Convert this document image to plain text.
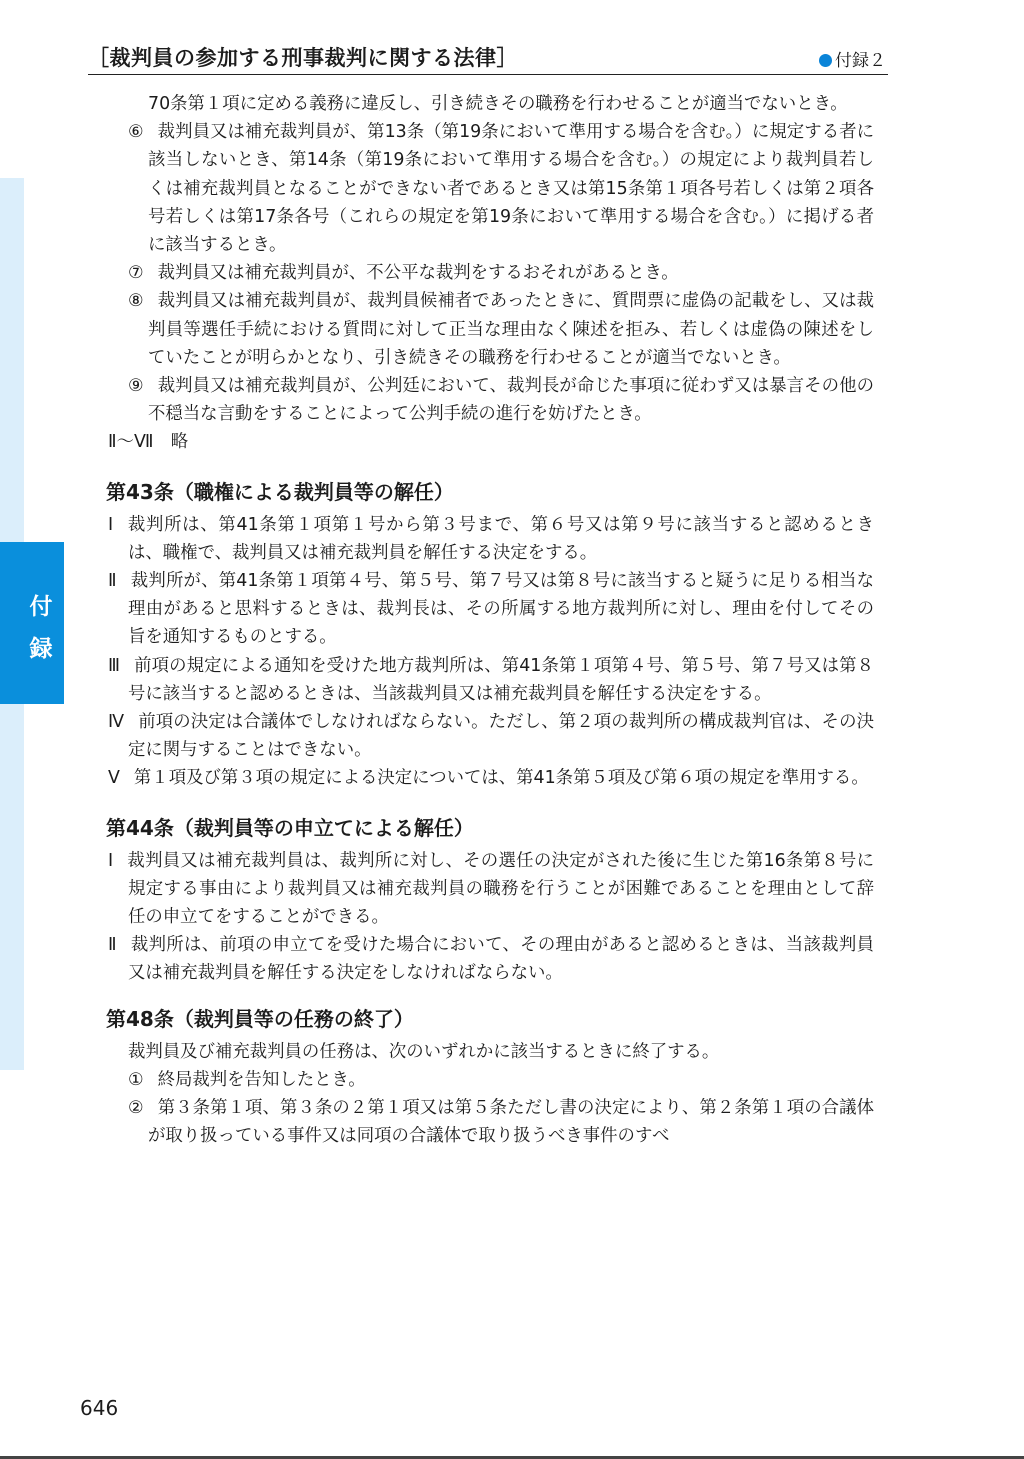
［裁判員の参加する刑事裁判に関する法律］	付録２
付
録

70条第１項に定める義務に違反し、引き続きその職務を行わせることが適当でないとき。

⑥ 裁判員又は補充裁判員が、第13条（第19条において準用する場合を含む。）に規定する者に該当しないとき、第14条（第19条において準用する場合を含む。）の規定により裁判員若しくは補充裁判員となることができない者であるとき又は第15条第１項各号若しくは第２項各号若しくは第17条各号（これらの規定を第19条において準用する場合を含む。）に掲げる者に該当するとき。

⑦ 裁判員又は補充裁判員が、不公平な裁判をするおそれがあるとき。

⑧ 裁判員又は補充裁判員が、裁判員候補者であったときに、質問票に虚偽の記載をし、又は裁判員等選任手続における質問に対して正当な理由なく陳述を拒み、若しくは虚偽の陳述をしていたことが明らかとなり、引き続きその職務を行わせることが適当でないとき。

⑨ 裁判員又は補充裁判員が、公判廷において、裁判長が命じた事項に従わず又は暴言その他の不穏当な言動をすることによって公判手続の進行を妨げたとき。

Ⅱ～Ⅶ　略

第43条（職権による裁判員等の解任）

Ⅰ 裁判所は、第41条第１項第１号から第３号まで、第６号又は第９号に該当すると認めるときは、職権で、裁判員又は補充裁判員を解任する決定をする。

Ⅱ 裁判所が、第41条第１項第４号、第５号、第７号又は第８号に該当すると疑うに足りる相当な理由があると思料するときは、裁判長は、その所属する地方裁判所に対し、理由を付してその旨を通知するものとする。

Ⅲ 前項の規定による通知を受けた地方裁判所は、第41条第１項第４号、第５号、第７号又は第８号に該当すると認めるときは、当該裁判員又は補充裁判員を解任する決定をする。

Ⅳ 前項の決定は合議体でしなければならない。ただし、第２項の裁判所の構成裁判官は、その決定に関与することはできない。

Ⅴ 第１項及び第３項の規定による決定については、第41条第５項及び第６項の規定を準用する。

第44条（裁判員等の申立てによる解任）

Ⅰ 裁判員又は補充裁判員は、裁判所に対し、その選任の決定がされた後に生じた第16条第８号に規定する事由により裁判員又は補充裁判員の職務を行うことが困難であることを理由として辞任の申立てをすることができる。

Ⅱ 裁判所は、前項の申立てを受けた場合において、その理由があると認めるときは、当該裁判員又は補充裁判員を解任する決定をしなければならない。

第48条（裁判員等の任務の終了）

裁判員及び補充裁判員の任務は、次のいずれかに該当するときに終了する。

① 終局裁判を告知したとき。

② 第３条第１項、第３条の２第１項又は第５条ただし書の決定により、第２条第１項の合議体が取り扱っている事件又は同項の合議体で取り扱うべき事件のすべ

646
